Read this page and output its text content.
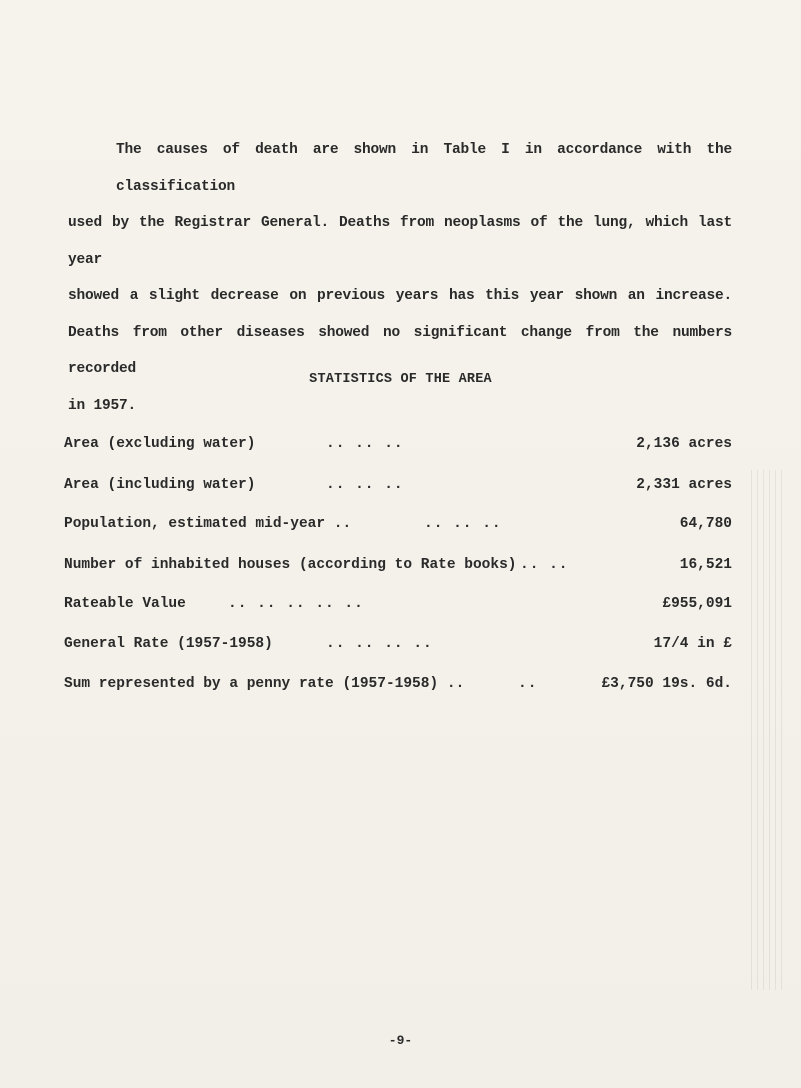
The causes of death are shown in Table I in accordance with the classification
used by the Registrar General. Deaths from neoplasms of the lung, which last year
showed a slight decrease on previous years has this year shown an increase.
Deaths from other diseases showed no significant change from the numbers recorded
in 1957.
STATISTICS OF THE AREA
Area (excluding water)	.. .. ..	2,136 acres
Area (including water)	.. .. ..	2,331 acres
Population, estimated mid-year ..	.. .. ..	64,780
Number of inhabited houses (according to Rate books) .. ..	16,521
Rateable Value	.. .. .. .. ..	£955,091
General Rate (1957-1958)	.. .. .. ..	17/4 in £
Sum represented by a penny rate (1957-1958) ..	..	£3,750 19s. 6d.
-9-
